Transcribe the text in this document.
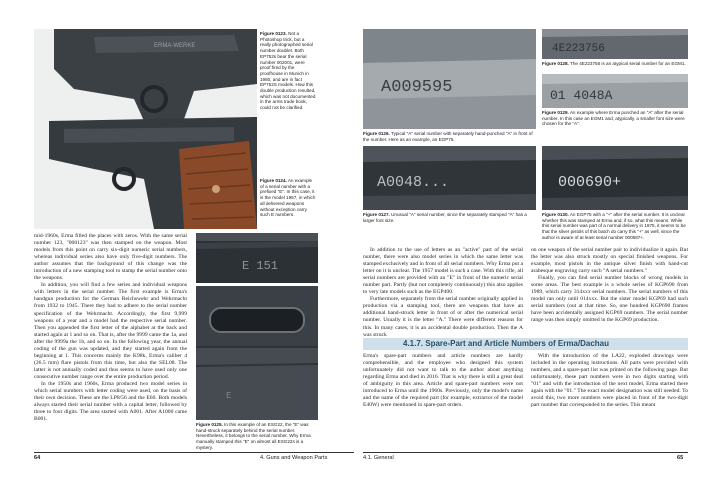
ERMA-WERKE
Figure 0123. Not a Photoshop trick, but a really photographed serial number doublet. Both EP752s bear the serial number 002001, were proof fired by the proofhouse in Munich in 1980, and are in fact EP752S models. How this double production resulted, which was not documented in the arms trade book, could not be clarified.
Figure 0124. An example of a serial number with a prefixed "E". In this case, it is the model 1957, in which all delivered weapons without exception carry such E numbers.

mid-1960s, Erma filled the places with zeros. With the same serial number 123, "000123" was then stamped on the weapon. Most models from this point on carry six-digit numeric serial numbers, whereas individual series also have only five-digit numbers. The author assumes that the background of this change was the introduction of a new stamping tool to stamp the serial number onto the weapons.

In addition, you will find a few series and individual weapons with letters in the serial number. The first example is Erma's handgun production for the German Reichswehr and Wehrmacht from 1932 to 1945. There they had to adhere to the serial number specification of the Wehrmacht. Accordingly, the first 9,999 weapons of a year and a model had the respective serial number. Then you appended the first letter of the alphabet at the back and started again at 1 and so on. That is, after the 9999 came the 1a, and after the 9999a the 1b, and so on. In the following year, the annual coding of the gun was updated, and they started again from the beginning at 1. This concerns mainly the K98k, Erma's caliber 4 (26.5 mm) flare pistols from this time, but also the SEL08. The latter is not annually coded and thus seems to have used only one consecutive number range over the entire production period.

In the 1950s and 1960s, Erma produced two model series in which serial numbers with letter coding were used, on the basis of their own decision. These are the LP8/56 and the E60. Both models always started their serial number with a capital letter, followed by three to four digits. The area started with A001. After A1000 came B001.

E 151
E
Figure 0125. In this example of an ESG22, the "E" was hand-struck separately behind the serial number. Nevertheless, it belongs to the serial number. Why Erma manually stamped this "E" on almost all ESG22s is a mystery.
64	4. Guns and Weapon Parts
A009595
Figure 0126. Typical "A" serial number with separately hand-punched "A" in front of the number. Here as an example, an EGP75.
A0048...
Figure 0127. Unusual "A" serial number, since the separately stamped "A" has a larger font size.
4E223756
Figure 0128. The 4E223756 is an atypical serial number for an EGM1.
01 4048A
Figure 0129. An example where Erma punched an "A" after the serial number. In this case an EGM1 and, atypically, a smaller font size were chosen for the "A".
000690+
Figure 0130. An EGP75 with a "+" after the serial number. It is unclear whether this was stamped at Erma and, if so, what this means. While this serial number was part of a normal delivery in 1975, it seems to be that the silver pistols of this batch do carry this "+" as well, since the author is aware of at least serial number 000687+.

In addition to the use of letters as an "active" part of the serial number, there were also model series in which the same letter was stamped exclusively and in front of all serial numbers. Why Erma put a letter on it is unclear. The 1957 model is such a case. With this rifle, all serial numbers are provided with an "E" in front of the numeric serial number part. Partly (but not completely continuously) this also applies to very late models such as the EGP400.

Furthermore, separately from the serial number originally applied in production via a stamping tool, there are weapons that have an additional hand-struck letter in front of or after the numerical serial number. Usually it is the letter "A." There were different reasons for this. In many cases, it is an accidental double production. Then the A was struck

on one weapon of the serial number pair to individualize it again. But the letter was also struck mostly on special finished weapons. For example, most pistols in the antique silver finish with hand-cut arabesque engraving carry such "A serial numbers."

Finally, you can find serial number blocks of wrong models in some areas. The best example is a whole series of KGP690 from 1989, which carry 314xxx serial numbers. The serial numbers of this model ran only until 014xxx. But the sister model KGP69 had such serial numbers (out at that time. So, one hundred KGP690 frames have been accidentally assigned KGP69 numbers. The serial number range was then simply omitted in the KGP69 production.

4.1.7. Spare-Part and Article Numbers of Erma/Dachau

Erma's spare-part numbers and article numbers are hardly comprehensible, and the employee who designed this system unfortunately did not want to talk to the author about anything regarding Erma and died in 2016. That is why there is still a great deal of ambiguity in this area. Article and spare-part numbers were not introduced to Erma until the 1960s. Previously, only the model's name and the name of the required part (for example, extractor of the model E40W) were mentioned in spare-part orders.

With the introduction of the LA22, exploded drawings were included in the operating instructions. All parts were provided with numbers, and a spare-part list was printed on the following page. But unfortunately, these part numbers were in two digits starting with "01" and with the introduction of the next model, Erma started there again with the "01." The exact model designation was still needed. To avoid this, two more numbers were placed in front of the two-digit part number that corresponded to the series. This meant

4.1. General	65
